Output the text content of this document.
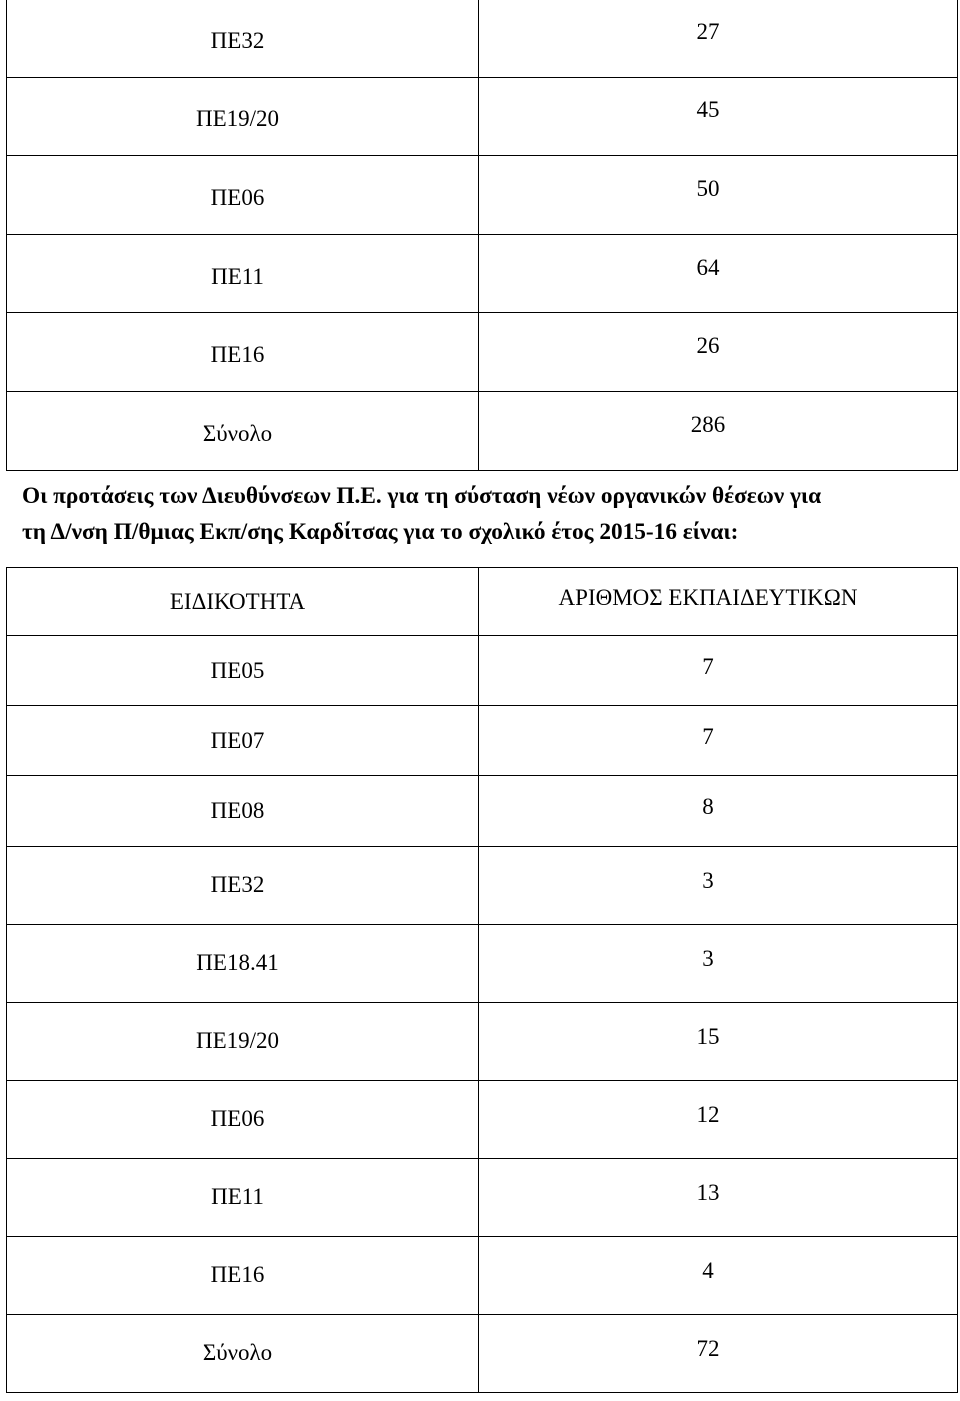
ΠΕ32	27
ΠΕ19/20	45
ΠΕ06	50
ΠΕ11	64
ΠΕ16	26
Σύνολο	286

Οι προτάσεις των Διευθύνσεων Π.Ε. για τη σύσταση νέων οργανικών θέσεων για

τη Δ/νση Π/θμιας Εκπ/σης Καρδίτσας για το σχολικό έτος 2015-16 είναι:

ΕΙΔΙΚΟΤΗΤΑ	ΑΡΙΘΜΟΣ ΕΚΠΑΙΔΕΥΤΙΚΩΝ
ΠΕ05	7
ΠΕ07	7
ΠΕ08	8
ΠΕ32	3
ΠΕ18.41	3
ΠΕ19/20	15
ΠΕ06	12
ΠΕ11	13
ΠΕ16	4
Σύνολο	72
